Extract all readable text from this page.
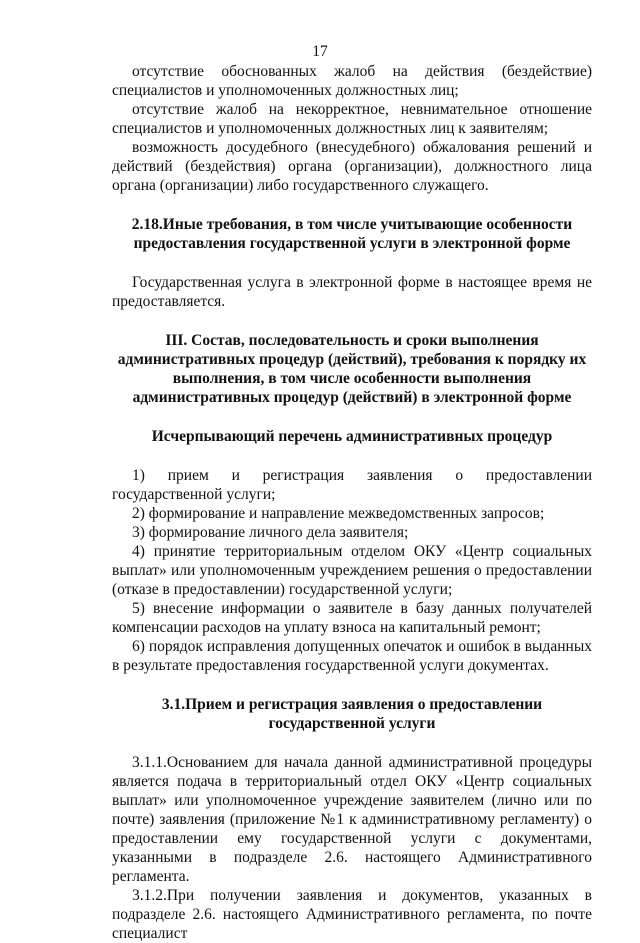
17

отсутствие обоснованных жалоб на действия (бездействие) специалистов и уполномоченных должностных лиц;

отсутствие жалоб на некорректное, невнимательное отношение специалистов и уполномоченных должностных лиц к заявителям;

возможность досудебного (внесудебного) обжалования решений и действий (бездействия) органа (организации), должностного лица органа (организации) либо государственного служащего.

2.18.Иные требования, в том числе учитывающие особенности предоставления государственной услуги в электронной форме

Государственная услуга в электронной форме в настоящее время не предоставляется.

III. Состав, последовательность и сроки выполнения административных процедур (действий), требования к порядку их выполнения, в том числе особенности выполнения административных процедур (действий) в электронной форме

Исчерпывающий перечень административных процедур

1) прием и регистрация заявления о предоставлении государственной услуги;

2) формирование и направление межведомственных запросов;

3) формирование личного дела заявителя;

4) принятие территориальным отделом ОКУ «Центр социальных выплат» или уполномоченным учреждением решения о предоставлении (отказе в предоставлении) государственной услуги;

5) внесение информации о заявителе в базу данных получателей компенсации расходов на уплату взноса на капитальный ремонт;

6) порядок исправления допущенных опечаток и ошибок в выданных в результате предоставления государственной услуги документах.

3.1.Прием и регистрация заявления о предоставлении государственной услуги

3.1.1.Основанием для начала данной административной процедуры является подача в территориальный отдел ОКУ «Центр социальных выплат» или уполномоченное учреждение заявителем (лично или по почте) заявления (приложение №1 к административному регламенту) о предоставлении ему государственной услуги с документами, указанными в подразделе 2.6. настоящего Административного регламента.

3.1.2.При получении заявления и документов, указанных в подразделе 2.6. настоящего Административного регламента, по почте специалист
